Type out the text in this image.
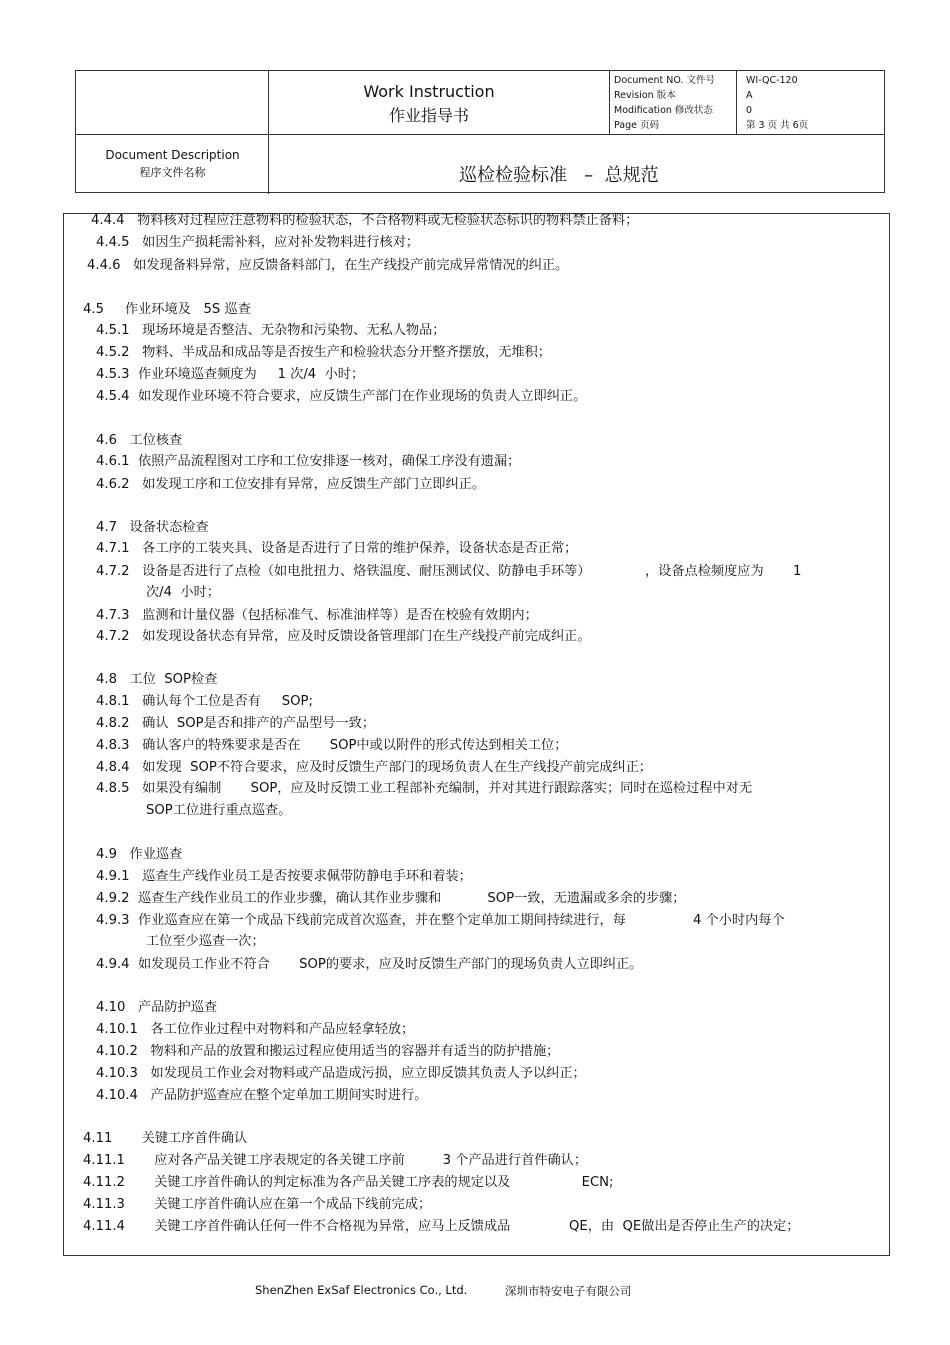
Work Instruction
作业指导书
Document NO. 文件号
Revision 版本
Modification 修改状态
Page 页码
WI-QC-120
A
0
第 3 页 共 6页
Document Description
程序文件名称	巡检检验标准   –  总规范
4.4.4   物料核对过程应注意物料的检验状态，不合格物料或无检验状态标识的物料禁止备料；
4.4.5   如因生产损耗需补料，应对补发物料进行核对；
4.4.6   如发现备料异常，应反馈备料部门，在生产线投产前完成异常情况的纠正。
4.5     作业环境及   5S 巡查
4.5.1   现场环境是否整洁、无杂物和污染物、无私人物品；
4.5.2   物料、半成品和成品等是否按生产和检验状态分开整齐摆放，无堆积；
4.5.3  作业环境巡查频度为     1 次/4  小时；
4.5.4  如发现作业环境不符合要求，应反馈生产部门在作业现场的负责人立即纠正。
4.6   工位核查
4.6.1  依照产品流程图对工序和工位安排逐一核对，确保工序没有遗漏；
4.6.2   如发现工序和工位安排有异常，应反馈生产部门立即纠正。
4.7   设备状态检查
4.7.1   各工序的工装夹具、设备是否进行了日常的维护保养，设备状态是否正常；
4.7.2   设备是否进行了点检（如电批扭力、烙铁温度、耐压测试仪、防静电手环等）             ，设备点检频度应为       1
次/4  小时；
4.7.3   监测和计量仪器（包括标准气、标准油样等）是否在校验有效期内；
4.7.2   如发现设备状态有异常，应及时反馈设备管理部门在生产线投产前完成纠正。
4.8   工位  SOP检查
4.8.1   确认每个工位是否有     SOP;
4.8.2   确认  SOP是否和排产的产品型号一致；
4.8.3   确认客户的特殊要求是否在       SOP中或以附件的形式传达到相关工位；
4.8.4   如发现  SOP不符合要求，应及时反馈生产部门的现场负责人在生产线投产前完成纠正；
4.8.5   如果没有编制       SOP，应及时反馈工业工程部补充编制，并对其进行跟踪落实；同时在巡检过程中对无
SOP工位进行重点巡查。
4.9   作业巡查
4.9.1   巡查生产线作业员工是否按要求佩带防静电手环和着装；
4.9.2  巡查生产线作业员工的作业步骤，确认其作业步骤和           SOP一致，无遗漏或多余的步骤；
4.9.3  作业巡查应在第一个成品下线前完成首次巡查，并在整个定单加工期间持续进行，每                4 个小时内每个
工位至少巡查一次；
4.9.4  如发现员工作业不符合       SOP的要求，应及时反馈生产部门的现场负责人立即纠正。
4.10   产品防护巡查
4.10.1   各工位作业过程中对物料和产品应轻拿轻放；
4.10.2   物料和产品的放置和搬运过程应使用适当的容器并有适当的防护措施；
4.10.3   如发现员工作业会对物料或产品造成污损，应立即反馈其负责人予以纠正；
4.10.4   产品防护巡查应在整个定单加工期间实时进行。
4.11       关键工序首件确认
4.11.1       应对各产品关键工序表规定的各关键工序前         3 个产品进行首件确认；
4.11.2       关键工序首件确认的判定标准为各产品关键工序表的规定以及                 ECN;
4.11.3       关键工序首件确认应在第一个成品下线前完成；
4.11.4       关键工序首件确认任何一件不合格视为异常，应马上反馈成品              QE，由  QE做出是否停止生产的决定；
ShenZhen ExSaf Electronics Co., Ltd.	深圳市特安电子有限公司
